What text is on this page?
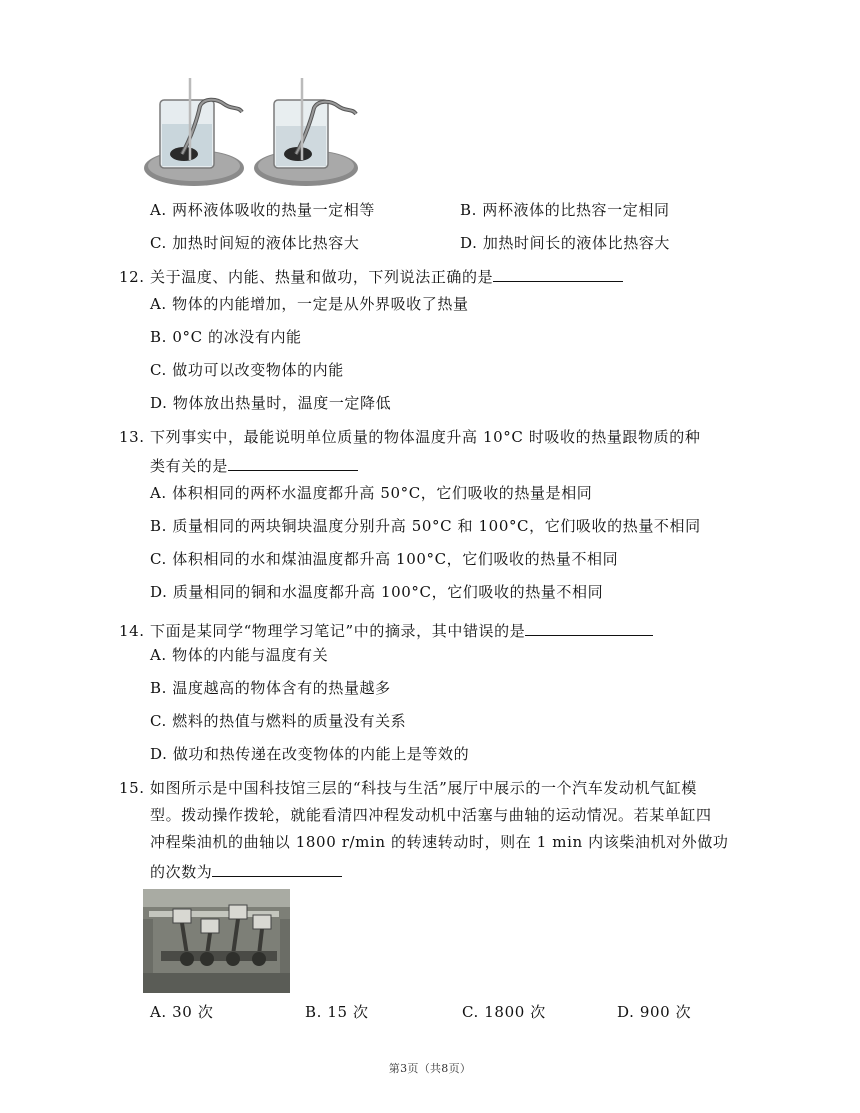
A. 两杯液体吸收的热量一定相等	B. 两杯液体的比热容一定相同
C. 加热时间短的液体比热容大	D. 加热时间长的液体比热容大
12. 关于温度、内能、热量和做功，下列说法正确的是
A. 物体的内能增加，一定是从外界吸收了热量
B. 0°C 的冰没有内能
C. 做功可以改变物体的内能
D. 物体放出热量时，温度一定降低
13. 下列事实中，最能说明单位质量的物体温度升高 10°C 时吸收的热量跟物质的种
类有关的是
A. 体积相同的两杯水温度都升高 50°C，它们吸收的热量是相同
B. 质量相同的两块铜块温度分别升高 50°C 和 100°C，它们吸收的热量不相同
C. 体积相同的水和煤油温度都升高 100°C，它们吸收的热量不相同
D. 质量相同的铜和水温度都升高 100°C，它们吸收的热量不相同
14. 下面是某同学“物理学习笔记”中的摘录，其中错误的是
A. 物体的内能与温度有关
B. 温度越高的物体含有的热量越多
C. 燃料的热值与燃料的质量没有关系
D. 做功和热传递在改变物体的内能上是等效的
15. 如图所示是中国科技馆三层的“科技与生活”展厅中展示的一个汽车发动机气缸模
型。拨动操作拨轮，就能看清四冲程发动机中活塞与曲轴的运动情况。若某单缸四
冲程柴油机的曲轴以 1800 r/min 的转速转动时，则在 1 min 内该柴油机对外做功
的次数为
A. 30 次	B. 15 次	C. 1800 次	D. 900 次
第3页（共8页）
